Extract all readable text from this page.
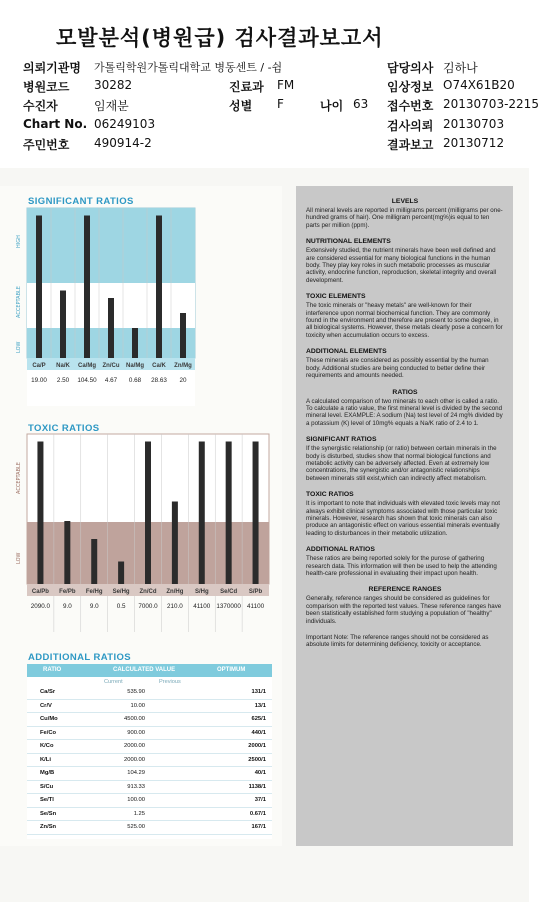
모발분석(병원급) 검사결과보고서
의뢰기관명 가톨릭학원가톨릭대학교 병동센트 / -쉼
병원코드 30282
수진자	임재분
Chart No. 06249103
주민번호 490914-2
진료과 FM
성별 F	나이 63
담당의사 김하나
임상정보 O74X61B20
접수번호 20130703-2215
검사의뢰 20130703
결과보고 20130712
SIGNIFICANT RATIOS
HIGH
ACCEPTABLE
LOW
Ca/P Na/K Ca/Mg Zn/Cu Na/Mg Ca/K Zn/Mg
19.00 2.50 104.50 4.67 0.68 28.63 20
TOXIC RATIOS
ACCEPTABLE
LOW
Ca/Pb Fe/Pb Fe/Hg Se/Hg Zn/Cd Zn/Hg S/Hg Se/Cd S/Pb
2090.0 9.0	9.0	0.5 7000.0 210.0 41100 1370000 41100
ADDITIONAL RATIOS
RATIO	CALCULATED VALUE	OPTIMUM
Current	Previous
Ca/Sr	535.90	131/1
Cr/V	10.00	13/1
Cu/Mo	4500.00	625/1
Fe/Co	900.00	440/1
K/Co	2000.00	2000/1
K/Li	2000.00	2500/1
Mg/B	104.29	40/1
S/Cu	913.33	1138/1
Se/Tl	100.00	37/1
Se/Sn	1.25	0.67/1
Zn/Sn	525.00	167/1
LEVELS
All mineral levels are reported in milligrams percent (milligrams per one-hundred grams of hair). One milligram percent(mg%)is equal to ten parts per million (ppm).
NUTRITIONAL ELEMENTS
Extensively studied, the nutrient minerals have been well defined and are considered essential for many biological functions in the human body. They play key roles in such metabolic processes as muscular activity, endocrine function, reproduction, skeletal integrity and overall development.
TOXIC ELEMENTS
The toxic minerals or "heavy metals" are well-known for their interference upon normal biochemical function. They are commonly found in the environment and therefore are present to some degree, in all biological systems. However, these metals clearly pose a concern for toxicity when accumulation occurs to excess.
ADDITIONAL ELEMENTS
These minerals are considered as possibly essential by the human body. Additional studies are being conducted to better define their requirements and amounts needed.
RATIOS
A calculated comparison of two minerals to each other is called a ratio. To calculate a ratio value, the first mineral level is divided by the second mineral level. EXAMPLE: A sodium (Na) test level of 24 mg% divided by a potassium (K) level of 10mg% equals a Na/K ratio of 2.4 to 1.
SIGNIFICANT RATIOS
If the synergistic relationship (or ratio) between certain minerals in the body is disturbed, studies show that normal biological functions and metabolic activity can be adversely affected. Even at extremely low concentrations, the synergistic and/or antagonistic relationships between minerals still exist,which can indirectly affect metabolism.
TOXIC RATIOS
It is important to note that individuals with elevated toxic levels may not always exhibit clinical symptoms associated with those particular toxic minerals. However, research has shown that toxic minerals can also produce an antagonistic effect on various essential minerals eventually leading to disturbances in their metabolic utilization.
ADDITIONAL RATIOS
These ratios are being reported solely for the purose of gathering research data. This information will then be used to help the attending health-care professional in evaluating their impact upon health.
REFERENCE RANGES
Generally, reference ranges should be considered as guidelines for comparison with the reported test values. These reference ranges have been statistically established form studying a population of "healthy" individuals.
Important Note: The reference ranges should not be considered as absolute limits for determining deficiency, toxicity or acceptance.
